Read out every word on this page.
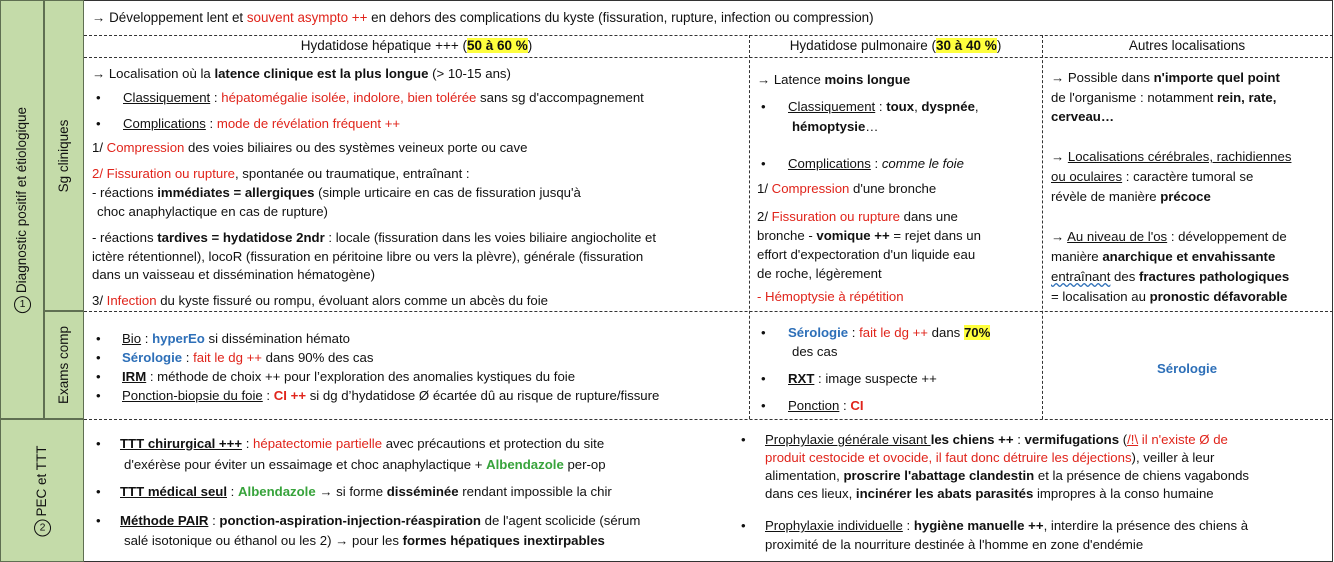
1Diagnostic positif et étiologique Sg cliniques
Exams comp
2PEC et TTT
→ Développement lent et souvent asympto ++ en dehors des complications du kyste (fissuration, rupture, infection ou compression)
Hydatidose hépatique +++ (50 à 60 %)	Hydatidose pulmonaire (30 à 40 %)	Autres localisations
→ Localisation où la latence clinique est la plus longue (> 10-15 ans)
• Classiquement : hépatomégalie isolée, indolore, bien tolérée sans sg d'accompagnement
• Complications : mode de révélation fréquent ++
1/ Compression des voies biliaires ou des systèmes veineux porte ou cave
2/ Fissuration ou rupture, spontanée ou traumatique, entraînant :
- réactions immédiates = allergiques (simple urticaire en cas de fissuration jusqu'à
choc anaphylactique en cas de rupture)
- réactions tardives = hydatidose 2ndr : locale (fissuration dans les voies biliaire angiocholite et
ictère rétentionnel), locoR (fissuration en péritoine libre ou vers la plèvre), générale (fissuration
dans un vaisseau et dissémination hématogène)
3/ Infection du kyste fissuré ou rompu, évoluant alors comme un abcès du foie
→ Latence moins longue
• Classiquement : toux, dyspnée,
hémoptysie…
• Complications : comme le foie
1/ Compression d'une bronche
2/ Fissuration ou rupture dans une
bronche - vomique ++ = rejet dans un
effort d'expectoration d'un liquide eau
de roche, légèrement
- Hémoptysie à répétition
→ Possible dans n'importe quel point
de l'organisme : notamment rein, rate,
cerveau…
→ Localisations cérébrales, rachidiennes
ou oculaires : caractère tumoral se
révèle de manière précoce
→ Au niveau de l'os : développement de
manière anarchique et envahissante
entraînant des fractures pathologiques
= localisation au pronostic défavorable
• Bio : hyperEo si dissémination hémato
• Sérologie : fait le dg ++ dans 90% des cas
• IRM : méthode de choix ++ pour l’exploration des anomalies kystiques du foie
• Ponction-biopsie du foie : CI ++ si dg d’hydatidose Ø écartée dû au risque de rupture/fissure
• Sérologie : fait le dg ++ dans 70%
des cas
• RXT : image suspecte ++
• Ponction : CI
Sérologie
• TTT chirurgical +++ : hépatectomie partielle avec précautions et protection du site
d'exérèse pour éviter un essaimage et choc anaphylactique + Albendazole per-op
• TTT médical seul : Albendazole → si forme disséminée rendant impossible la chir
• Méthode PAIR : ponction-aspiration-injection-réaspiration de l'agent scolicide (sérum
salé isotonique ou éthanol ou les 2) → pour les formes hépatiques inextirpables
• Prophylaxie générale visant les chiens ++ : vermifugations (/!\ il n'existe Ø de
produit cestocide et ovocide, il faut donc détruire les déjections), veiller à leur
alimentation, proscrire l'abattage clandestin et la présence de chiens vagabonds
dans ces lieux, incinérer les abats parasités impropres à la conso humaine
• Prophylaxie individuelle : hygiène manuelle ++, interdire la présence des chiens à
proximité de la nourriture destinée à l'homme en zone d'endémie
